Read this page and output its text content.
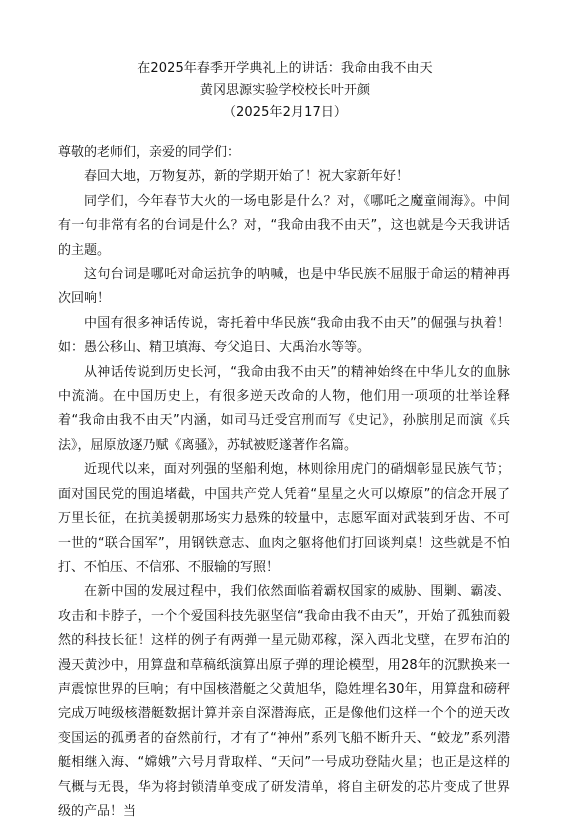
在2025年春季开学典礼上的讲话：我命由我不由天
黄冈思源实验学校校长叶开颜
（2025年2月17日）

尊敬的老师们，亲爱的同学们：

春回大地，万物复苏，新的学期开始了！祝大家新年好！

同学们，今年春节大火的一场电影是什么？对，《哪吒之魔童闹海》。中间有一句非常有名的台词是什么？对，“我命由我不由天”，这也就是今天我讲话的主题。

这句台词是哪吒对命运抗争的呐喊，也是中华民族不屈服于命运的精神再次回响！

中国有很多神话传说，寄托着中华民族“我命由我不由天”的倔强与执着！如：愚公移山、精卫填海、夸父追日、大禹治水等等。

从神话传说到历史长河，“我命由我不由天”的精神始终在中华儿女的血脉中流淌。在中国历史上，有很多逆天改命的人物，他们用一项项的壮举诠释着“我命由我不由天”内涵，如司马迁受宫刑而写《史记》，孙膑刖足而演《兵法》，屈原放逐乃赋《离骚》，苏轼被贬遂著作名篇。

近现代以来，面对列强的坚船利炮，林则徐用虎门的硝烟彰显民族气节；面对国民党的围追堵截，中国共产党人凭着“星星之火可以燎原”的信念开展了万里长征，在抗美援朝那场实力悬殊的较量中，志愿军面对武装到牙齿、不可一世的“联合国军”，用钢铁意志、血肉之躯将他们打回谈判桌！这些就是不怕打、不怕压、不信邪、不服输的写照！

在新中国的发展过程中，我们依然面临着霸权国家的威胁、围剿、霸凌、攻击和卡脖子，一个个爱国科技先驱坚信“我命由我不由天”，开始了孤独而毅然的科技长征！这样的例子有两弹一星元勋邓稼，深入西北戈壁，在罗布泊的漫天黄沙中，用算盘和草稿纸演算出原子弹的理论模型，用28年的沉默换来一声震惊世界的巨响；有中国核潜艇之父黄旭华，隐姓埋名30年，用算盘和磅秤完成万吨级核潜艇数据计算并亲自深潜海底，正是像他们这样一个个的逆天改变国运的孤勇者的奋然前行，才有了“神州”系列飞船不断升天、“蛟龙”系列潜艇相继入海、“嫦娥”六号月背取样、“天问”一号成功登陆火星；也正是这样的气概与无畏，华为将封锁清单变成了研发清单，将自主研发的芯片变成了世界级的产品！当
